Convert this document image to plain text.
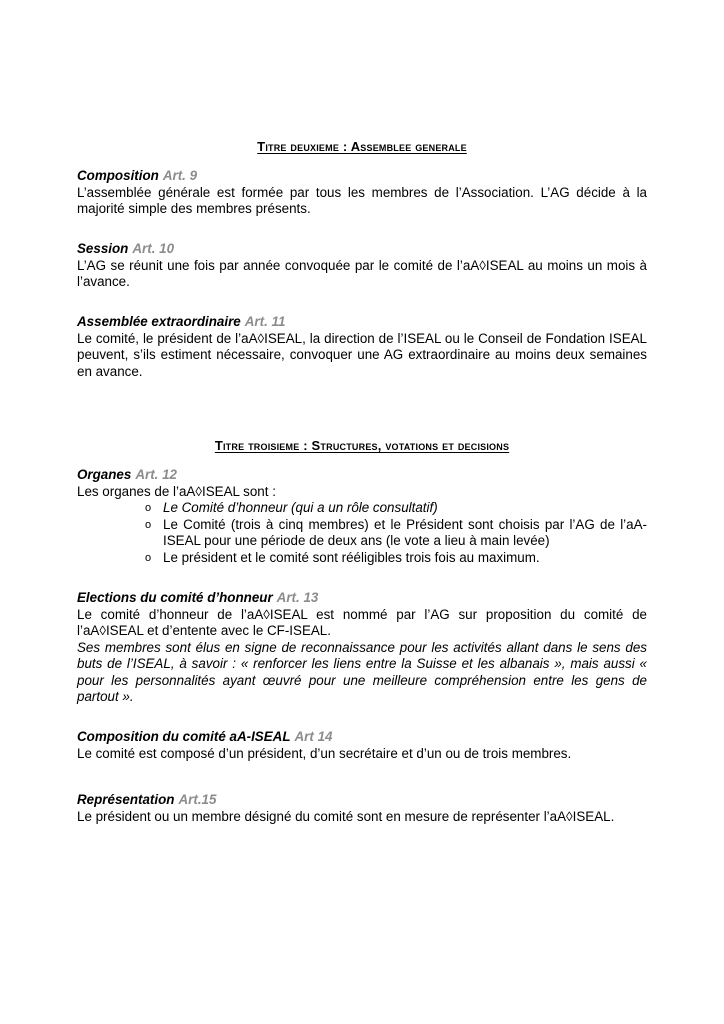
Titre deuxieme : Assemblee generale
Composition Art. 9

L’assemblée générale est formée par tous les membres de l’Association. L’AG décide à la majorité simple des membres présents.

Session Art. 10

L’AG se réunit une fois par année convoquée par le comité de l’aA◊ISEAL au moins un mois à l’avance.

Assemblée extraordinaire Art. 11

Le comité, le président de l’aA◊ISEAL, la direction de l’ISEAL ou le Conseil de Fondation ISEAL peuvent, s’ils estiment nécessaire, convoquer une AG extraordinaire au moins deux semaines en avance.

Titre troisieme : Structures, votations et decisions
Organes Art. 12

Les organes de l’aA◊ISEAL sont :

o Le Comité d’honneur (qui a un rôle consultatif)
o Le Comité (trois à cinq membres) et le Président sont choisis par l’AG de l’aA-ISEAL pour une période de deux ans (le vote a lieu à main levée)
o Le président et le comité sont rééligibles trois fois au maximum.
Elections du comité d’honneur Art. 13

Le comité d’honneur de l’aA◊ISEAL est nommé par l’AG sur proposition du comité de l’aA◊ISEAL et d’entente avec le CF-ISEAL.

Ses membres sont élus en signe de reconnaissance pour les activités allant dans le sens des buts de l’ISEAL, à savoir : « renforcer les liens entre la Suisse et les albanais », mais aussi « pour les personnalités ayant œuvré pour une meilleure compréhension entre les gens de partout ».

Composition du comité aA-ISEAL Art 14

Le comité est composé d’un président, d’un secrétaire et d’un ou de trois membres.

Représentation Art.15

Le président ou un membre désigné du comité sont en mesure de représenter l’aA◊ISEAL.
